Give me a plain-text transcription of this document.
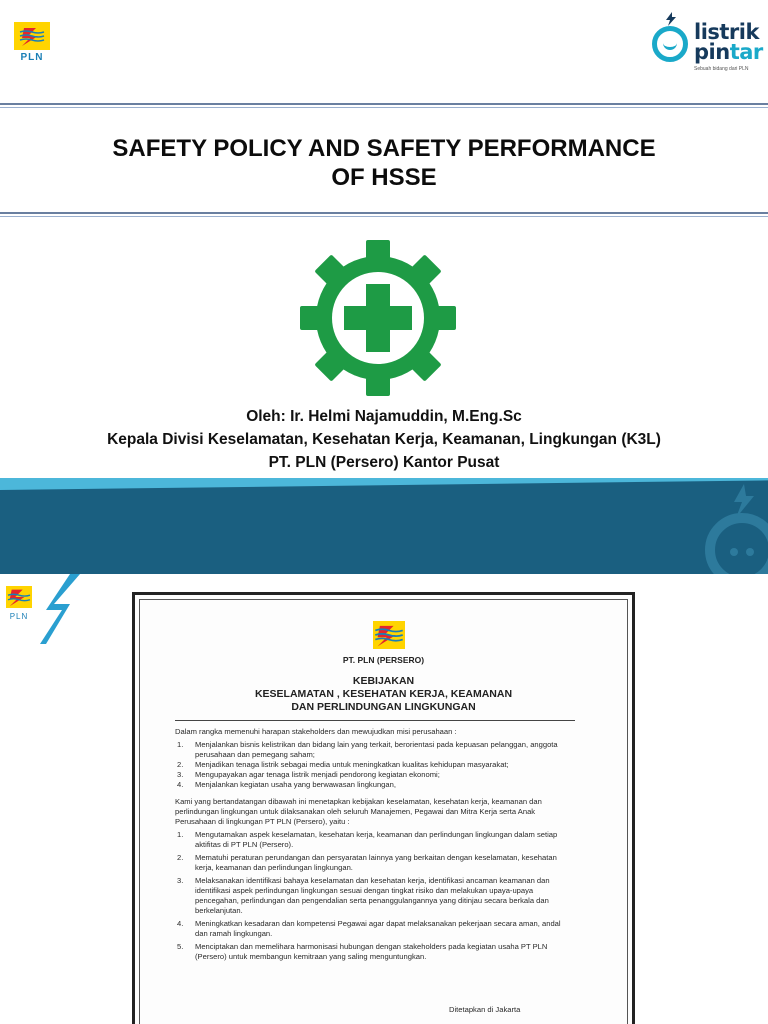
PLN
listrik
pintar
Sebuah bidang dari PLN
SAFETY POLICY AND SAFETY PERFORMANCE
OF HSSE
Oleh: Ir. Helmi Najamuddin, M.Eng.Sc
Kepala Divisi Keselamatan, Kesehatan Kerja, Keamanan, Lingkungan (K3L)
PT. PLN (Persero) Kantor Pusat
PLN
PT. PLN (PERSERO)
KEBIJAKAN
KESELAMATAN , KESEHATAN KERJA, KEAMANAN
DAN PERLINDUNGAN LINGKUNGAN

Dalam rangka memenuhi harapan stakeholders dan mewujudkan misi perusahaan :

1. Menjalankan bisnis kelistrikan dan bidang lain yang terkait, berorientasi pada kepuasan pelanggan, anggota perusahaan dan pemegang saham;
2. Menjadikan tenaga listrik sebagai media untuk meningkatkan kualitas kehidupan masyarakat;
3. Mengupayakan agar tenaga listrik menjadi pendorong kegiatan ekonomi;
4. Menjalankan kegiatan usaha yang berwawasan lingkungan,

Kami yang bertandatangan dibawah ini menetapkan kebijakan keselamatan, kesehatan kerja, keamanan dan perlindungan lingkungan untuk dilaksanakan oleh seluruh Manajemen, Pegawai dan Mitra Kerja serta Anak Perusahaan di lingkungan PT PLN (Persero), yaitu :

1. Mengutamakan aspek keselamatan, kesehatan kerja, keamanan dan perlindungan lingkungan dalam setiap aktifitas di PT PLN (Persero).
2. Mematuhi peraturan perundangan dan persyaratan lainnya yang berkaitan dengan keselamatan, kesehatan kerja, keamanan dan perlindungan lingkungan.
3. Melaksanakan identifikasi bahaya keselamatan dan kesehatan kerja, identifikasi ancaman keamanan dan identifikasi aspek perlindungan lingkungan sesuai dengan tingkat risiko dan melakukan upaya-upaya pencegahan, perlindungan dan pengendalian serta penanggulangannya yang ditinjau secara berkala dan berkelanjutan.
4. Meningkatkan kesadaran dan kompetensi Pegawai agar dapat melaksanakan pekerjaan secara aman, andal dan ramah lingkungan.
5. Menciptakan dan memelihara harmonisasi hubungan dengan stakeholders pada kegiatan usaha PT PLN (Persero) untuk membangun kemitraan yang saling menguntungkan.
Ditetapkan di Jakarta
